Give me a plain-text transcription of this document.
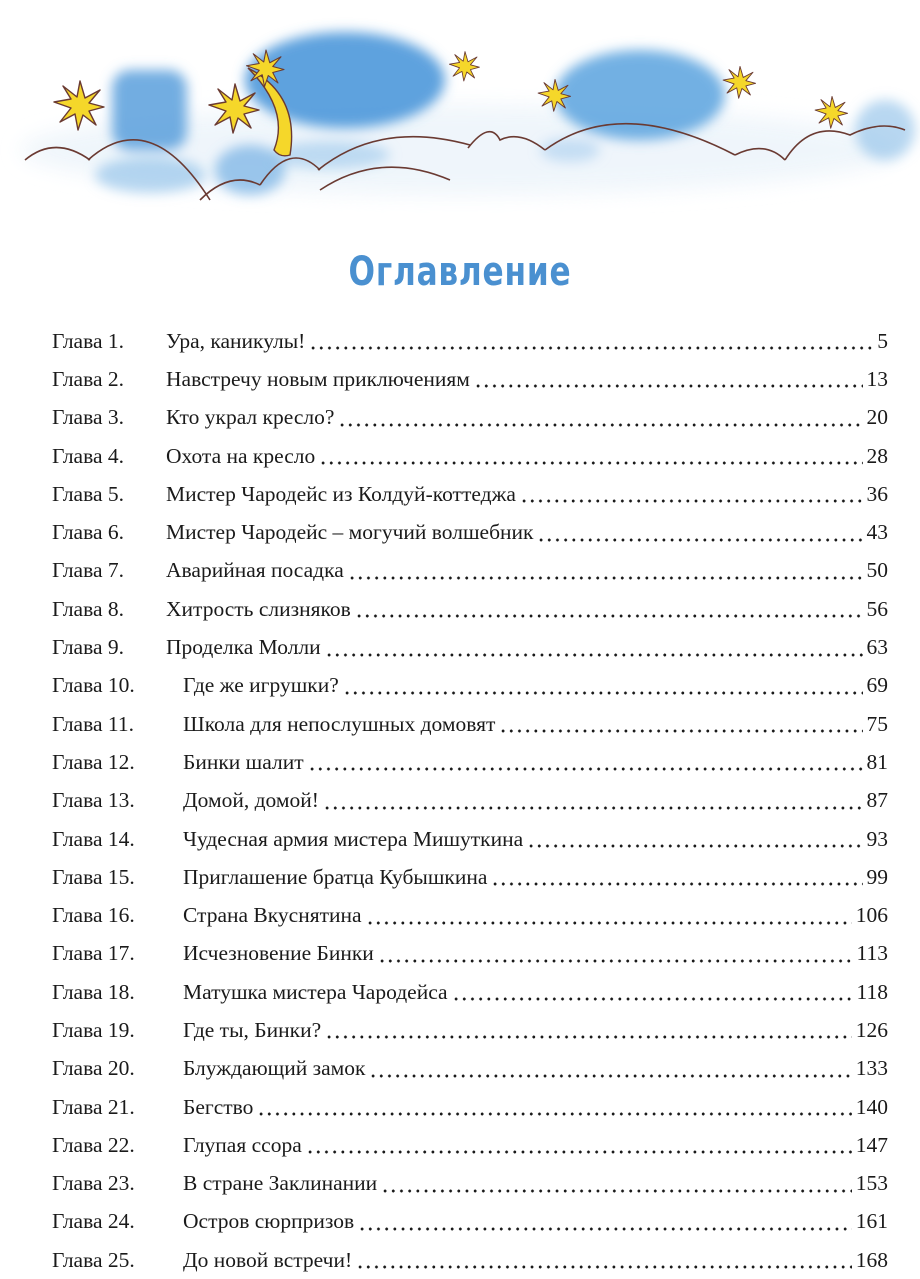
Оглавление
Глава 1.	Ура, каникулы!	5
Глава 2.	Навстречу новым приключениям	13
Глава 3.	Кто украл кресло?	20
Глава 4.	Охота на кресло	28
Глава 5.	Мистер Чародейс из Колдуй-коттеджа	36
Глава 6.	Мистер Чародейс – могучий волшебник	43
Глава 7.	Аварийная посадка	50
Глава 8.	Хитрость слизняков	56
Глава 9.	Проделка Молли	63
Глава 10.	Где же игрушки?	69
Глава 11.	Школа для непослушных домовят	75
Глава 12.	Бинки шалит	81
Глава 13.	Домой, домой!	87
Глава 14.	Чудесная армия мистера Мишуткина	93
Глава 15.	Приглашение братца Кубышкина	99
Глава 16.	Страна Вкуснятина	106
Глава 17.	Исчезновение Бинки	113
Глава 18.	Матушка мистера Чародейса	118
Глава 19.	Где ты, Бинки?	126
Глава 20.	Блуждающий замок	133
Глава 21.	Бегство	140
Глава 22.	Глупая ссора	147
Глава 23.	В стране Заклинании	153
Глава 24.	Остров сюрпризов	161
Глава 25.	До новой встречи!	168
